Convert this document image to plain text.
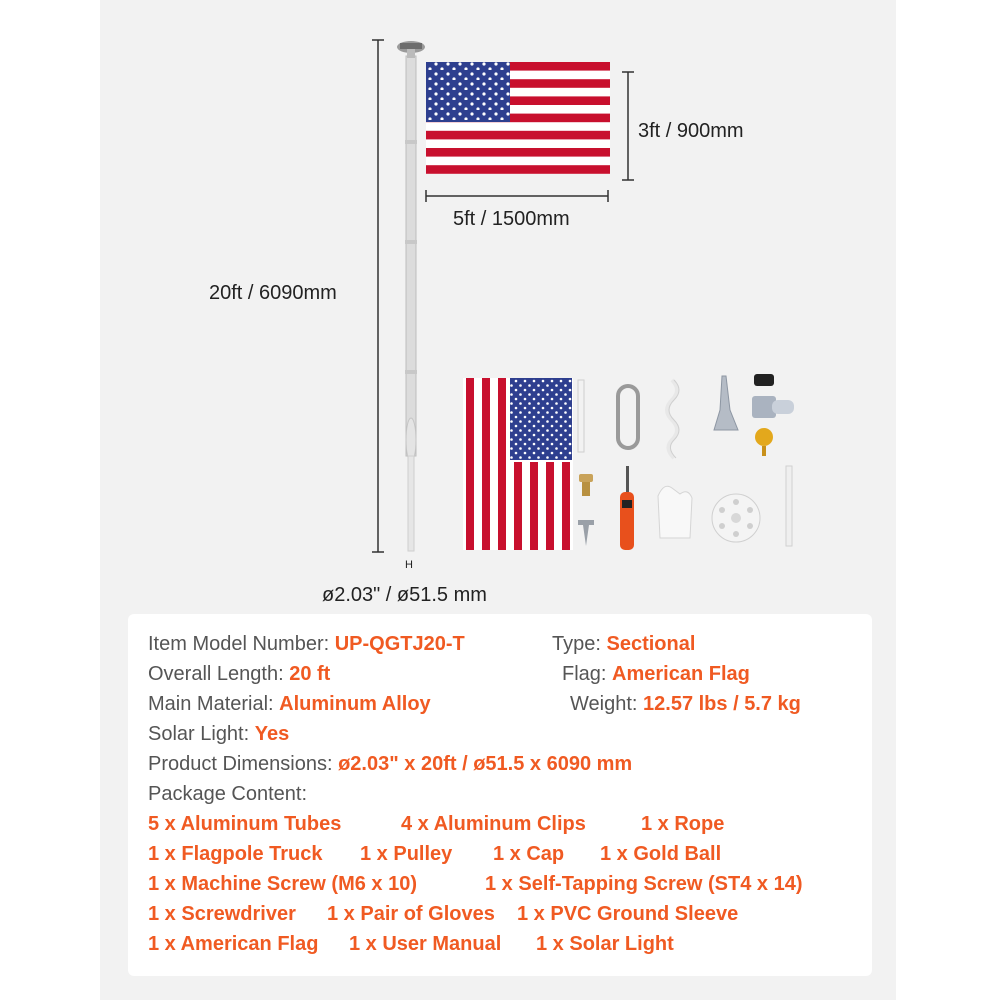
3ft / 900mm
5ft / 1500mm
20ft / 6090mm
H
ø2.03" / ø51.5 mm
Item Model Number: UP-QGTJ20-T	Type: Sectional
Overall Length: 20 ft	Flag: American Flag
Main Material: Aluminum Alloy	Weight: 12.57 lbs / 5.7 kg
Solar Light: Yes
Product Dimensions: ø2.03" x 20ft / ø51.5 x 6090 mm
Package Content:
5 x Aluminum Tubes	4 x Aluminum Clips	1 x Rope
1 x Flagpole Truck 1 x Pulley 1 x Cap 1 x Gold Ball
1 x Machine Screw (M6 x 10)	1 x Self-Tapping Screw (ST4 x 14)
1 x Screwdriver 1 x Pair of Gloves 1 x PVC Ground Sleeve
1 x American Flag 1 x User Manual 1 x Solar Light
